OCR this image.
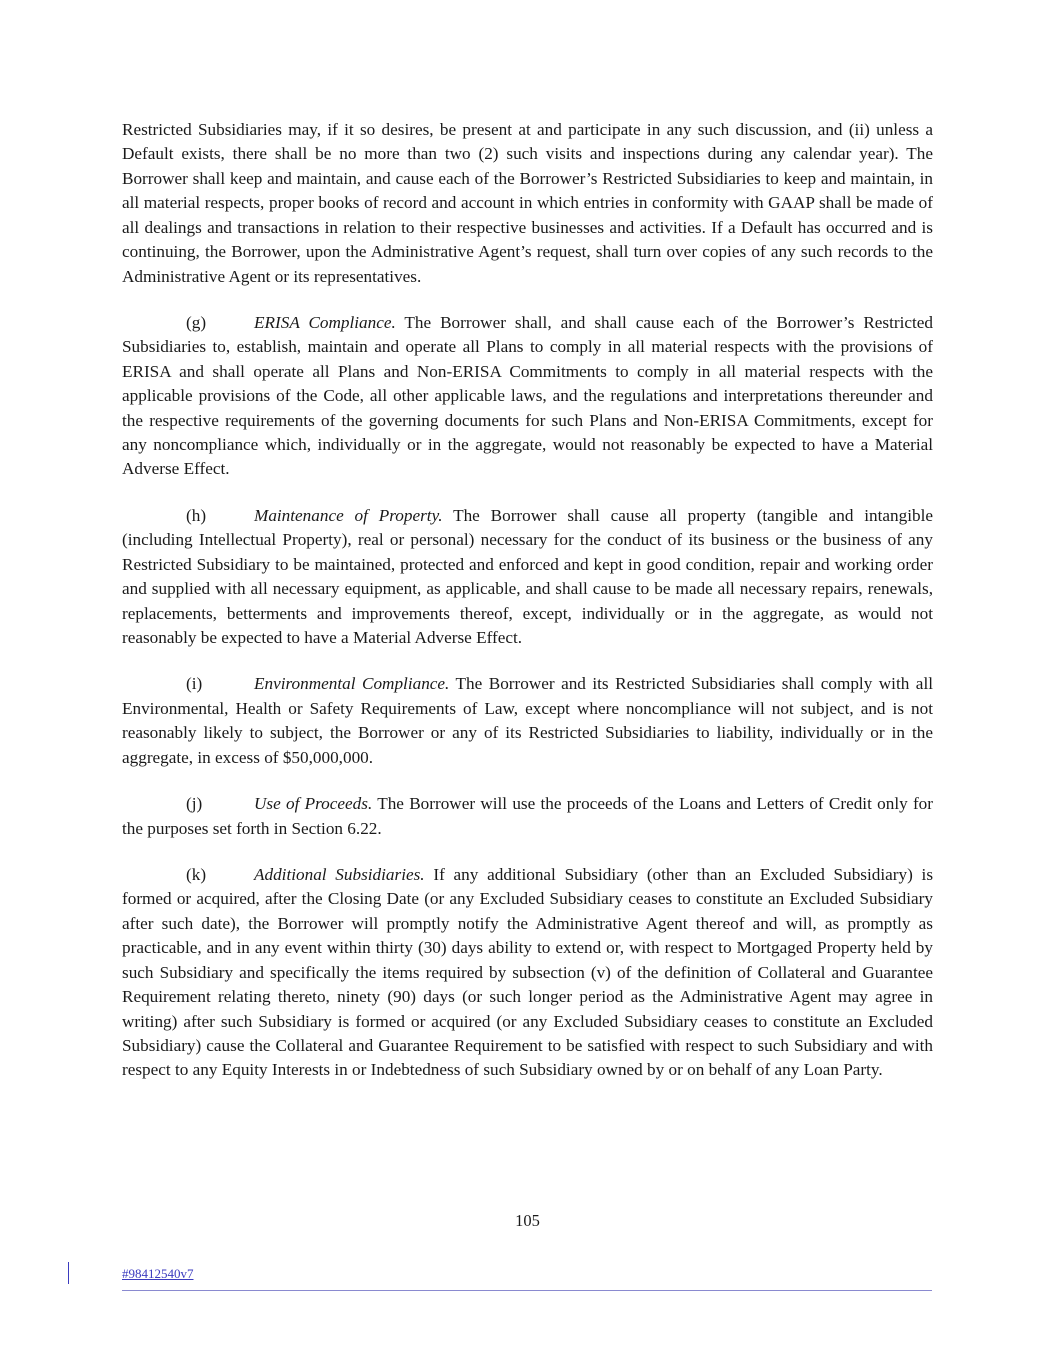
Restricted Subsidiaries may, if it so desires, be present at and participate in any such discussion, and (ii) unless a Default exists, there shall be no more than two (2) such visits and inspections during any calendar year). The Borrower shall keep and maintain, and cause each of the Borrower’s Restricted Subsidiaries to keep and maintain, in all material respects, proper books of record and account in which entries in conformity with GAAP shall be made of all dealings and transactions in relation to their respective businesses and activities. If a Default has occurred and is continuing, the Borrower, upon the Administrative Agent’s request, shall turn over copies of any such records to the Administrative Agent or its representatives.

(g)	ERISA Compliance. The Borrower shall, and shall cause each of the Borrower’s Restricted Subsidiaries to, establish, maintain and operate all Plans to comply in all material respects with the provisions of ERISA and shall operate all Plans and Non-ERISA Commitments to comply in all material respects with the applicable provisions of the Code, all other applicable laws, and the regulations and interpretations thereunder and the respective requirements of the governing documents for such Plans and Non-ERISA Commitments, except for any noncompliance which, individually or in the aggregate, would not reasonably be expected to have a Material Adverse Effect.

(h)	Maintenance of Property. The Borrower shall cause all property (tangible and intangible (including Intellectual Property), real or personal) necessary for the conduct of its business or the business of any Restricted Subsidiary to be maintained, protected and enforced and kept in good condition, repair and working order and supplied with all necessary equipment, as applicable, and shall cause to be made all necessary repairs, renewals, replacements, betterments and improvements thereof, except, individually or in the aggregate, as would not reasonably be expected to have a Material Adverse Effect.

(i)	Environmental Compliance. The Borrower and its Restricted Subsidiaries shall comply with all Environmental, Health or Safety Requirements of Law, except where noncompliance will not subject, and is not reasonably likely to subject, the Borrower or any of its Restricted Subsidiaries to liability, individually or in the aggregate, in excess of $50,000,000.

(j)	Use of Proceeds. The Borrower will use the proceeds of the Loans and Letters of Credit only for the purposes set forth in Section 6.22.

(k)	Additional Subsidiaries. If any additional Subsidiary (other than an Excluded Subsidiary) is formed or acquired, after the Closing Date (or any Excluded Subsidiary ceases to constitute an Excluded Subsidiary after such date), the Borrower will promptly notify the Administrative Agent thereof and will, as promptly as practicable, and in any event within thirty (30) days ability to extend or, with respect to Mortgaged Property held by such Subsidiary and specifically the items required by subsection (v) of the definition of Collateral and Guarantee Requirement relating thereto, ninety (90) days (or such longer period as the Administrative Agent may agree in writing) after such Subsidiary is formed or acquired (or any Excluded Subsidiary ceases to constitute an Excluded Subsidiary) cause the Collateral and Guarantee Requirement to be satisfied with respect to such Subsidiary and with respect to any Equity Interests in or Indebtedness of such Subsidiary owned by or on behalf of any Loan Party.

105
#98412540v7
